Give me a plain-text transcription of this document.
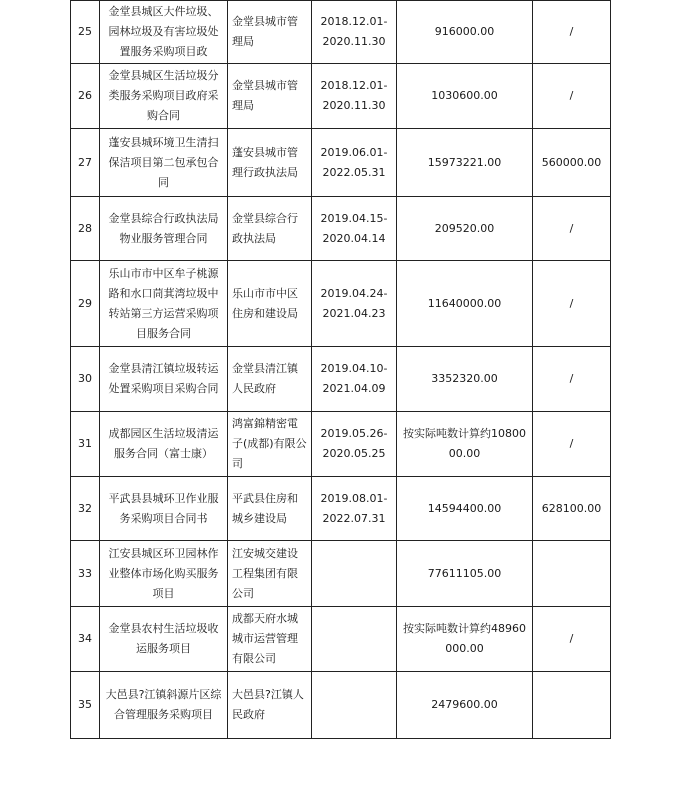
25	金堂县城区大件垃圾、园林垃圾及有害垃圾处置服务采购项目政	金堂县城市管理局	2018.12.01-
2020.11.30	916000.00	/
26	金堂县城区生活垃圾分类服务采购项目政府采购合同	金堂县城市管理局	2018.12.01-
2020.11.30	1030600.00	/
27	蓬安县城环境卫生清扫保洁项目第二包承包合同	蓬安县城市管理行政执法局	2019.06.01-
2022.05.31	15973221.00	560000.00
28	金堂县综合行政执法局物业服务管理合同	金堂县综合行政执法局	2019.04.15-
2020.04.14	209520.00	/
29	乐山市市中区牟子桃源路和水口茼萁湾垃圾中转站第三方运营采购项目服务合同	乐山市市中区住房和建设局	2019.04.24-
2021.04.23	11640000.00	/
30	金堂县清江镇垃圾转运处置采购项目采购合同	金堂县清江镇人民政府	2019.04.10-
2021.04.09	3352320.00	/
31	成都园区生活垃圾清运服务合同（富士康）	鸿富錦精密電子(成都)有限公司	2019.05.26-
2020.05.25	按实际吨数计算约1080000.00	/
32	平武县县城环卫作业服务采购项目合同书	平武县住房和城乡建设局	2019.08.01-
2022.07.31	14594400.00	628100.00
33	江安县城区环卫园林作业整体市场化购买服务项目	江安城交建设工程集团有限公司		77611105.00	
34	金堂县农村生活垃圾收运服务项目	成都天府水城城市运营管理有限公司		按实际吨数计算约48960000.00	/
35	大邑县?江镇斜源片区综合管理服务采购项目	大邑县?江镇人民政府		2479600.00	
